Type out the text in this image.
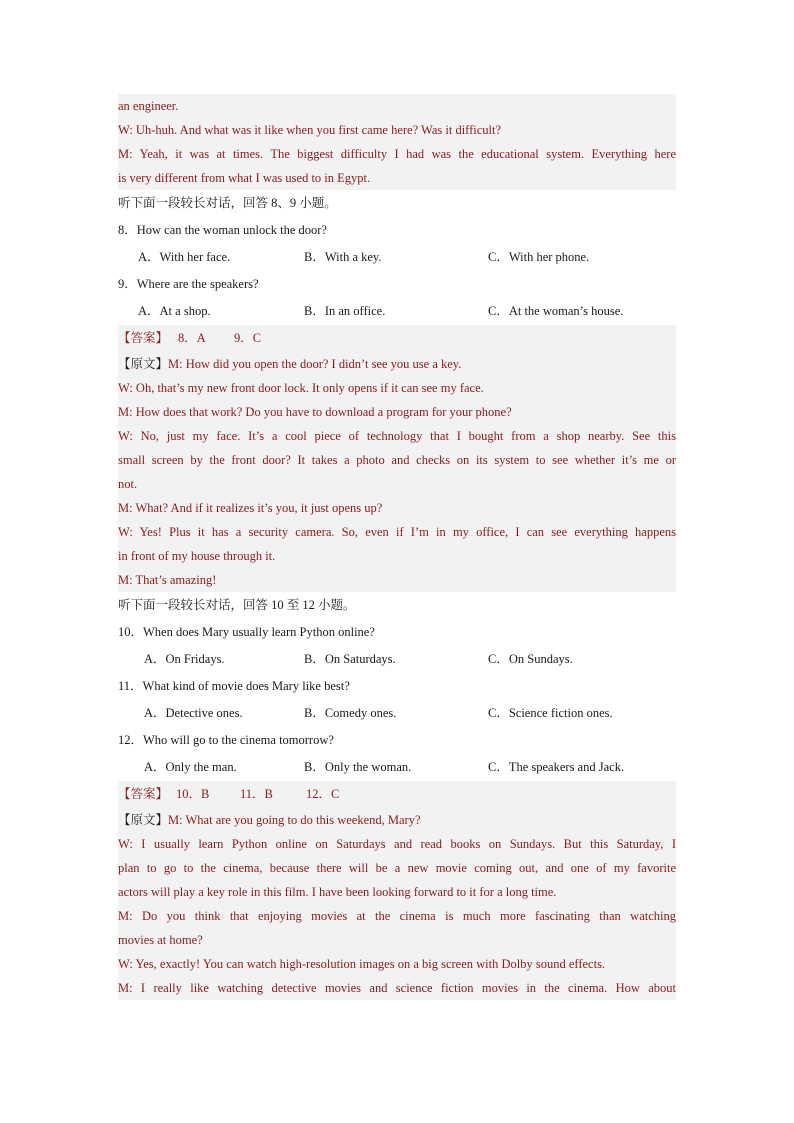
an engineer.
W: Uh-huh. And what was it like when you first came here? Was it difficult?
M: Yeah, it was at times. The biggest difficulty I had was the educational system. Everything here
is very different from what I was used to in Egypt.
听下面一段较长对话，回答 8、9 小题。
8．How can the woman unlock the door?
A．With her face.	B．With a key.	C．With her phone.
9．Where are the speakers?
A．At a shop.	B．In an office.	C．At the woman’s house.
【答案】 8．A 9．C
【原文】M: How did you open the door? I didn’t see you use a key.
W: Oh, that’s my new front door lock. It only opens if it can see my face.
M: How does that work? Do you have to download a program for your phone?
W: No, just my face. It’s a cool piece of technology that I bought from a shop nearby. See this
small screen by the front door? It takes a photo and checks on its system to see whether it’s me or
not.
M: What? And if it realizes it’s you, it just opens up?
W: Yes! Plus it has a security camera. So, even if I’m in my office, I can see everything happens
in front of my house through it.
M: That’s amazing!
听下面一段较长对话，回答 10 至 12 小题。
10．When does Mary usually learn Python online?
A．On Fridays.	B．On Saturdays.	C．On Sundays.
11．What kind of movie does Mary like best?
A．Detective ones.	B．Comedy ones.	C．Science fiction ones.
12．Who will go to the cinema tomorrow?
A．Only the man.	B．Only the woman.	C．The speakers and Jack.
【答案】 10．B 11．B	12．C
【原文】M: What are you going to do this weekend, Mary?
W: I usually learn Python online on Saturdays and read books on Sundays. But this Saturday, I
plan to go to the cinema, because there will be a new movie coming out, and one of my favorite
actors will play a key role in this film. I have been looking forward to it for a long time.
M: Do you think that enjoying movies at the cinema is much more fascinating than watching
movies at home?
W: Yes, exactly! You can watch high-resolution images on a big screen with Dolby sound effects.
M: I really like watching detective movies and science fiction movies in the cinema. How about
